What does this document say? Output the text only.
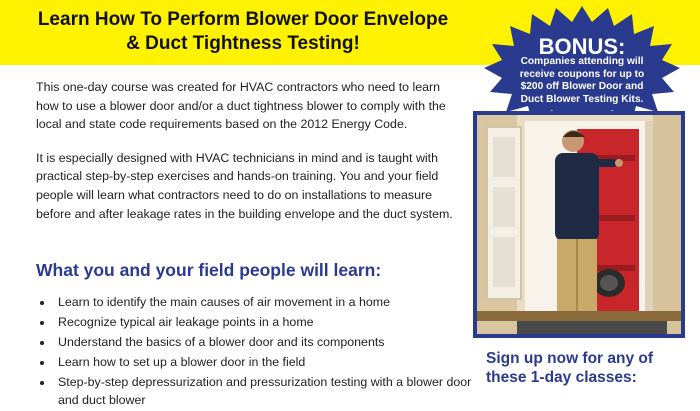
Learn How To Perform Blower Door Envelope
& Duct Tightness Testing!

This one-day course was created for HVAC contractors who need to learn how to use a blower door and/or a duct tightness blower to comply with the local and state code requirements based on the 2012 Energy Code.

It is especially designed with HVAC technicians in mind and is taught with practical step-by-step exercises and hands-on training. You and your field people will learn what contractors need to do on installations to measure before and after leakage rates in the building envelope and the duct system.

What you and your field people will learn:
• Learn to identify the main causes of air movement in a home
• Recognize typical air leakage points in a home
• Understand the basics of a blower door and its components
• Learn how to set up a blower door in the field
• Step-by-step depressurization and pressurization testing with a blower door and duct blower
BONUS:
Companies attending will receive coupons for up to $200 off Blower Door and Duct Blower Testing Kits.
Sign up now for any of
these 1-day classes:
